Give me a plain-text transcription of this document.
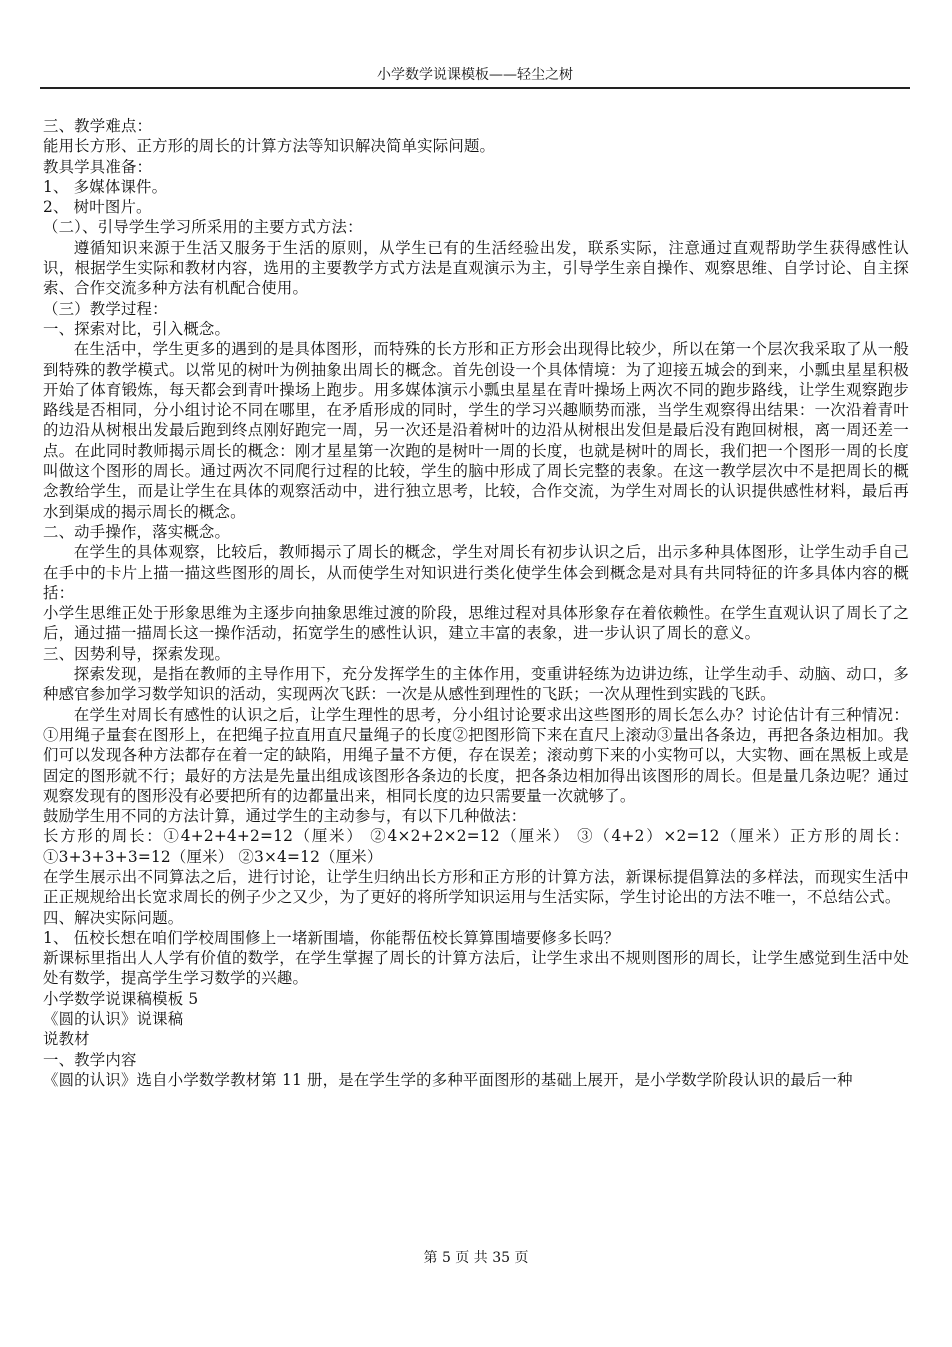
小学数学说课模板——轻尘之树

三、教学难点：

能用长方形、正方形的周长的计算方法等知识解决简单实际问题。

教具学具准备：

1、 多媒体课件。

2、 树叶图片。

（二）、引导学生学习所采用的主要方式方法：

遵循知识来源于生活又服务于生活的原则，从学生已有的生活经验出发，联系实际，注意通过直观帮助学生获得感性认识，根据学生实际和教材内容，选用的主要教学方式方法是直观演示为主，引导学生亲自操作、观察思维、自学讨论、自主探索、合作交流多种方法有机配合使用。

（三）教学过程：

一、探索对比，引入概念。

在生活中，学生更多的遇到的是具体图形，而特殊的长方形和正方形会出现得比较少，所以在第一个层次我采取了从一般到特殊的教学模式。以常见的树叶为例抽象出周长的概念。首先创设一个具体情境：为了迎接五城会的到来，小瓢虫星星积极开始了体育锻炼，每天都会到青叶操场上跑步。用多媒体演示小瓢虫星星在青叶操场上两次不同的跑步路线，让学生观察跑步路线是否相同，分小组讨论不同在哪里，在矛盾形成的同时，学生的学习兴趣顺势而涨，当学生观察得出结果：一次沿着青叶的边沿从树根出发最后跑到终点刚好跑完一周，另一次还是沿着树叶的边沿从树根出发但是最后没有跑回树根，离一周还差一点。在此同时教师揭示周长的概念：刚才星星第一次跑的是树叶一周的长度，也就是树叶的周长，我们把一个图形一周的长度叫做这个图形的周长。通过两次不同爬行过程的比较，学生的脑中形成了周长完整的表象。在这一教学层次中不是把周长的概念教给学生，而是让学生在具体的观察活动中，进行独立思考，比较，合作交流，为学生对周长的认识提供感性材料，最后再水到渠成的揭示周长的概念。

二、动手操作，落实概念。

在学生的具体观察，比较后，教师揭示了周长的概念，学生对周长有初步认识之后，出示多种具体图形，让学生动手自己在手中的卡片上描一描这些图形的周长，从而使学生对知识进行类化使学生体会到概念是对具有共同特征的许多具体内容的概括：

小学生思维正处于形象思维为主逐步向抽象思维过渡的阶段，思维过程对具体形象存在着依赖性。在学生直观认识了周长了之后，通过描一描周长这一操作活动，拓宽学生的感性认识，建立丰富的表象，进一步认识了周长的意义。

三、因势利导，探索发现。

探索发现，是指在教师的主导作用下，充分发挥学生的主体作用，变重讲轻练为边讲边练，让学生动手、动脑、动口，多种感官参加学习数学知识的活动，实现两次飞跃：一次是从感性到理性的飞跃；一次从理性到实践的飞跃。

在学生对周长有感性的认识之后，让学生理性的思考，分小组讨论要求出这些图形的周长怎么办？讨论估计有三种情况：①用绳子量套在图形上，在把绳子拉直用直尺量绳子的长度②把图形筒下来在直尺上滚动③量出各条边，再把各条边相加。我们可以发现各种方法都存在着一定的缺陷，用绳子量不方便，存在误差；滚动剪下来的小实物可以，大实物、画在黑板上或是固定的图形就不行；最好的方法是先量出组成该图形各条边的长度，把各条边相加得出该图形的周长。但是量几条边呢？通过观察发现有的图形没有必要把所有的边都量出来，相同长度的边只需要量一次就够了。

鼓励学生用不同的方法计算，通过学生的主动参与，有以下几种做法：

长方形的周长：①4+2+4+2=12（厘米） ②4×2+2×2=12（厘米） ③（4+2）×2=12（厘米）正方形的周长：①3+3+3+3=12（厘米） ②3×4=12（厘米）

在学生展示出不同算法之后，进行讨论，让学生归纳出长方形和正方形的计算方法，新课标提倡算法的多样法，而现实生活中正正规规给出长宽求周长的例子少之又少，为了更好的将所学知识运用与生活实际，学生讨论出的方法不唯一，不总结公式。

四、解决实际问题。

1、 伍校长想在咱们学校周围修上一堵新围墙，你能帮伍校长算算围墙要修多长吗？

新课标里指出人人学有价值的数学，在学生掌握了周长的计算方法后，让学生求出不规则图形的周长，让学生感觉到生活中处处有数学，提高学生学习数学的兴趣。

小学数学说课稿模板 5

《圆的认识》说课稿

说教材

一、教学内容

《圆的认识》选自小学数学教材第 11 册，是在学生学的多种平面图形的基础上展开，是小学数学阶段认识的最后一种

第 5 页 共 35 页
